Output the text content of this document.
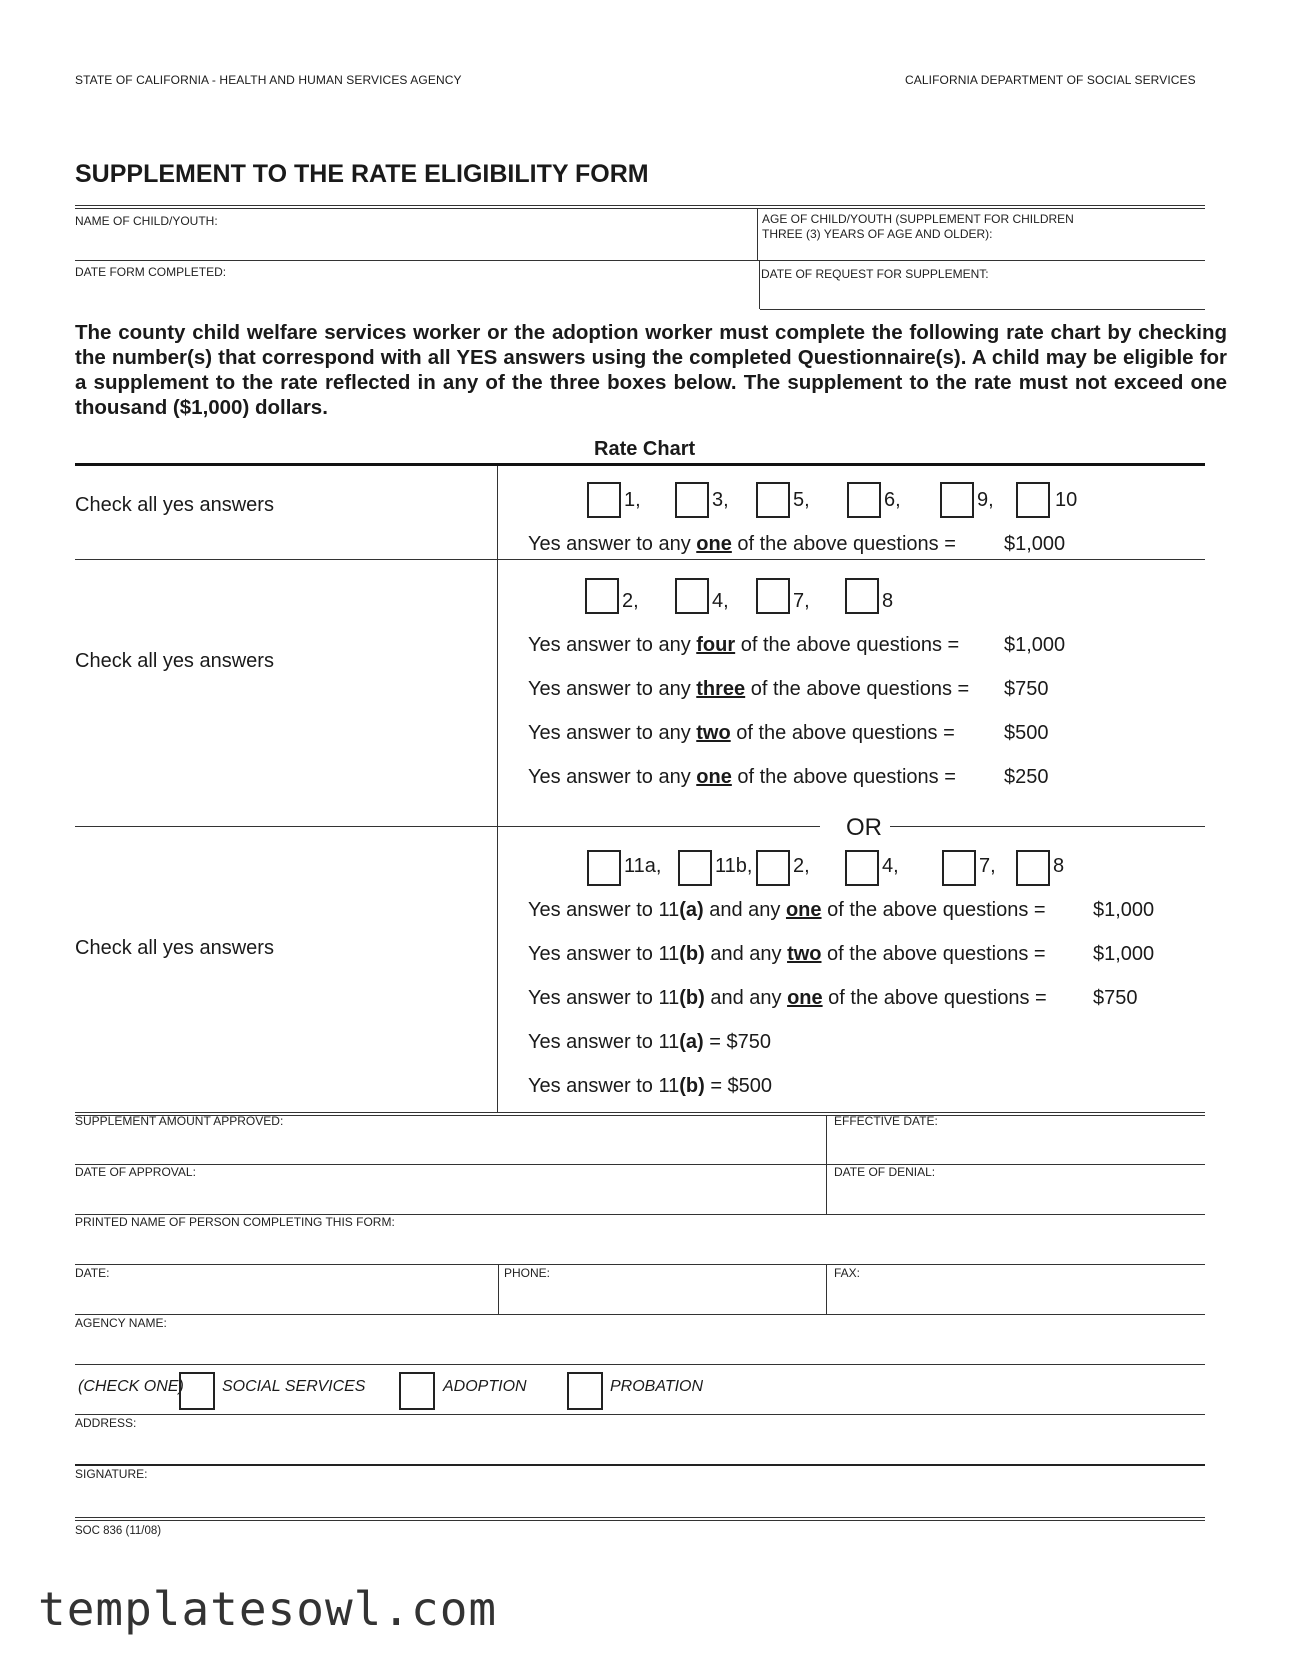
STATE OF CALIFORNIA - HEALTH AND HUMAN SERVICES AGENCY	CALIFORNIA DEPARTMENT OF SOCIAL SERVICES
SUPPLEMENT TO THE RATE ELIGIBILITY FORM
NAME OF CHILD/YOUTH:	AGE OF CHILD/YOUTH (SUPPLEMENT FOR CHILDREN
THREE (3) YEARS OF AGE AND OLDER):
DATE FORM COMPLETED:	DATE OF REQUEST FOR SUPPLEMENT:
The county child welfare services worker or the adoption worker must complete the following rate chart by checking the number(s) that correspond with all YES answers using the completed Questionnaire(s). A child may be eligible for a supplement to the rate reflected in any of the three boxes below. The supplement to the rate must not exceed one thousand ($1,000) dollars.
Rate Chart
OR
Check all yes answers
Check all yes answers
Check all yes answers
1,	3,	5,	6,	9,	10
Yes answer to any one of the above questions = $1,000
2,	4,	7,	8
Yes answer to any four of the above questions = $1,000
Yes answer to any three of the above questions = $750
Yes answer to any two of the above questions = $500
Yes answer to any one of the above questions = $250
11a,	11b, 2,	4,	7,	8
Yes answer to 11(a) and any one of the above questions = $1,000
Yes answer to 11(b) and any two of the above questions = $1,000
Yes answer to 11(b) and any one of the above questions = $750
Yes answer to 11(a) = $750
Yes answer to 11(b) = $500
SUPPLEMENT AMOUNT APPROVED:	EFFECTIVE DATE:
DATE OF APPROVAL:	DATE OF DENIAL:
PRINTED NAME OF PERSON COMPLETING THIS FORM:
DATE:	PHONE:	FAX:
AGENCY NAME:
(CHECK ONE) SOCIAL SERVICES	ADOPTION	PROBATION
ADDRESS:
SIGNATURE:
SOC 836 (11/08)
templatesowl.com
